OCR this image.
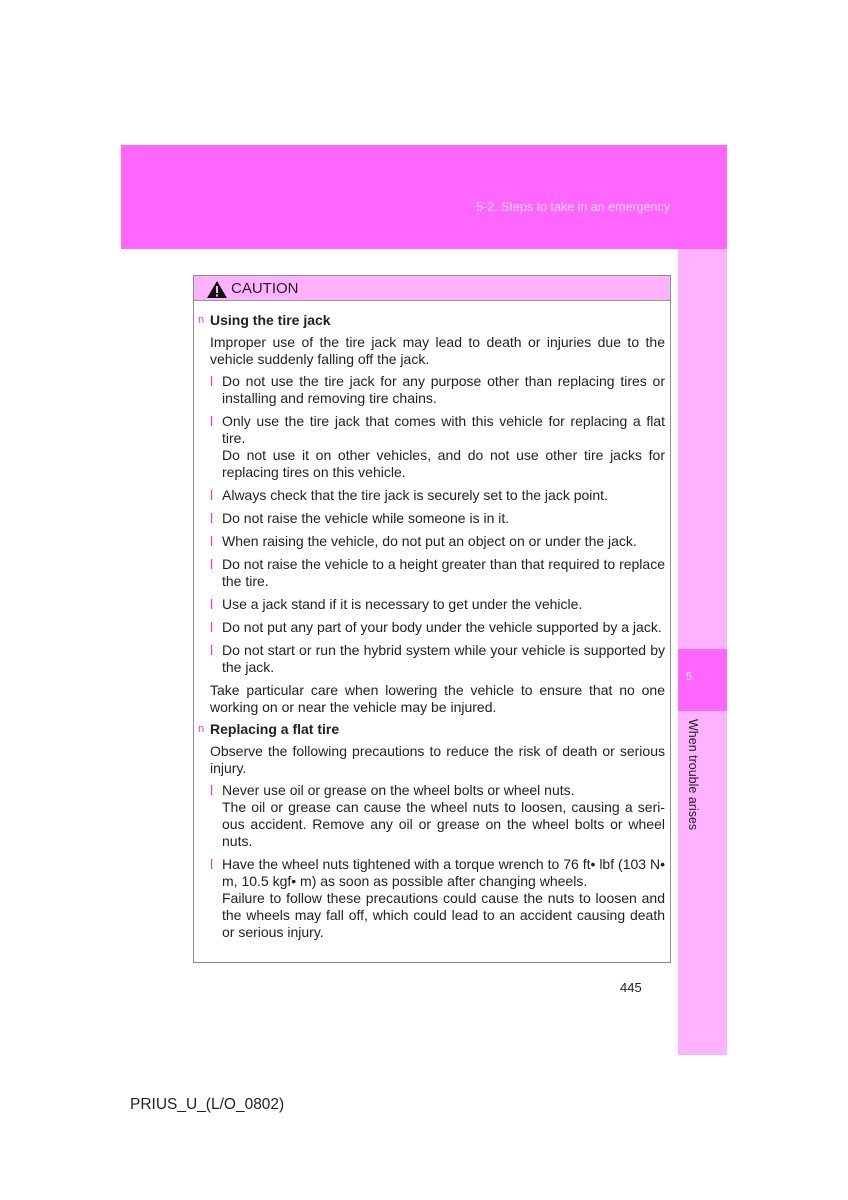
5-2. Steps to take in an emergency
5
When trouble arises
CAUTION
n Using the tire jack
Improper use of the tire jack may lead to death or injuries due to the vehicle suddenly falling off the jack.
l Do not use the tire jack for any purpose other than replacing tires or installing and removing tire chains.
l Only use the tire jack that comes with this vehicle for replacing a flat tire.
Do not use it on other vehicles, and do not use other tire jacks for replacing tires on this vehicle.
l Always check that the tire jack is securely set to the jack point.
l Do not raise the vehicle while someone is in it.
l When raising the vehicle, do not put an object on or under the jack.
l Do not raise the vehicle to a height greater than that required to replace the tire.
l Use a jack stand if it is necessary to get under the vehicle.
l Do not put any part of your body under the vehicle supported by a jack.
l Do not start or run the hybrid system while your vehicle is supported by the jack.
Take particular care when lowering the vehicle to ensure that no one working on or near the vehicle may be injured.
n Replacing a flat tire
Observe the following precautions to reduce the risk of death or serious injury.
l Never use oil or grease on the wheel bolts or wheel nuts.
The oil or grease can cause the wheel nuts to loosen, causing a seri-ous accident. Remove any oil or grease on the wheel bolts or wheel nuts.
l Have the wheel nuts tightened with a torque wrench to 76 ft• lbf (103 N• m, 10.5 kgf• m) as soon as possible after changing wheels.
Failure to follow these precautions could cause the nuts to loosen and the wheels may fall off, which could lead to an accident causing death or serious injury.
445
PRIUS_U_(L/O_0802)
